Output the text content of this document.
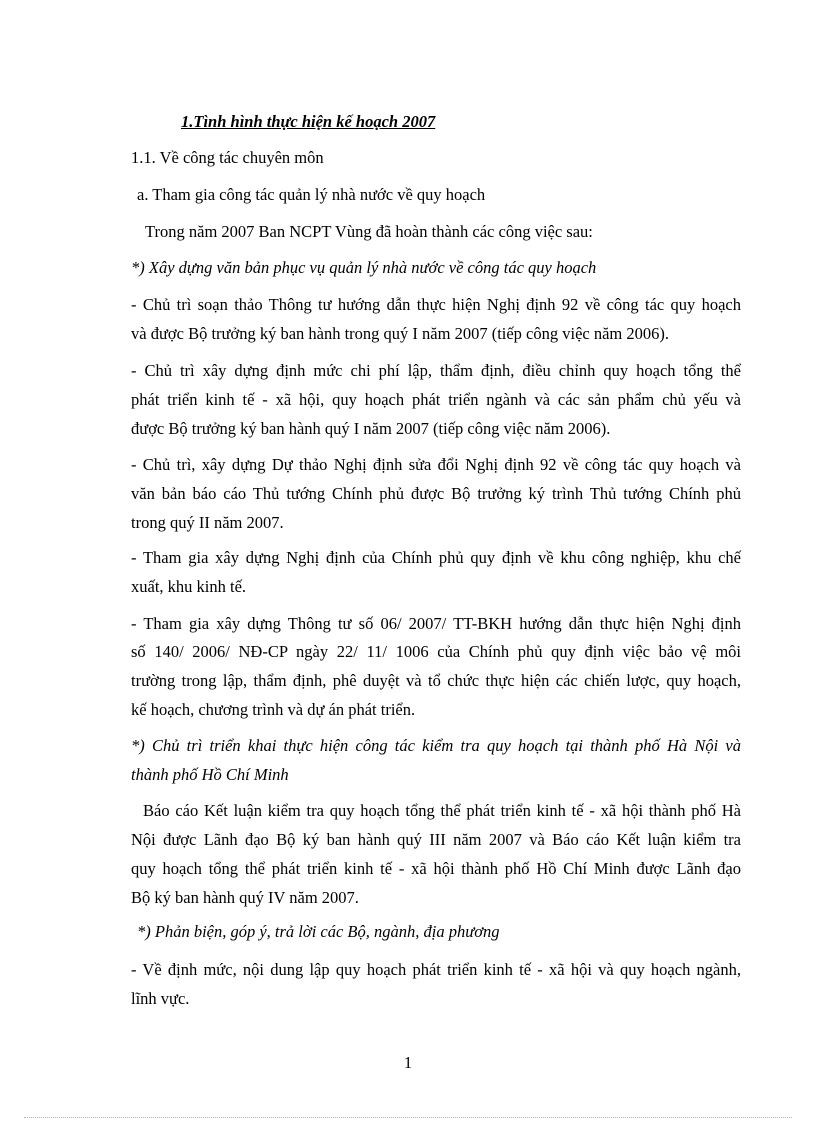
1.Tình hình thực hiện kế hoạch 2007
1.1. Về công tác chuyên môn
a. Tham gia công tác quản lý nhà nước về quy hoạch
Trong năm 2007 Ban NCPT Vùng đã hoàn thành các công việc sau:
*) Xây dựng văn bản phục vụ quản lý nhà nước về công tác quy hoạch
- Chủ trì soạn thảo Thông tư hướng dẫn thực hiện Nghị định 92 về công tác quy hoạch
và được Bộ trưởng ký ban hành trong quý I năm 2007 (tiếp công việc năm 2006).
- Chủ trì xây dựng định mức chi phí lập, thẩm định, điều chỉnh quy hoạch tổng thể
phát triển kinh tế - xã hội, quy hoạch phát triển ngành và các sản phẩm chủ yếu và
được Bộ trưởng ký ban hành quý I năm 2007 (tiếp công việc năm 2006).
- Chủ trì, xây dựng Dự thảo Nghị định sửa đổi Nghị định 92 về công tác quy hoạch và
văn bản báo cáo Thủ tướng Chính phủ được Bộ trưởng ký trình Thủ tướng Chính phủ
trong quý II năm 2007.
- Tham gia xây dựng Nghị định của Chính phủ quy định về khu công nghiệp, khu chế
xuất, khu kinh tế.
- Tham gia xây dựng Thông tư số 06/ 2007/ TT-BKH hướng dẫn thực hiện Nghị định
số 140/ 2006/ NĐ-CP ngày 22/ 11/ 1006 của Chính phủ quy định việc bảo vệ môi
trường trong lập, thẩm định, phê duyệt và tổ chức thực hiện các chiến lược, quy hoạch,
kế hoạch, chương trình và dự án phát triển.
*) Chủ trì triển khai thực hiện công tác kiểm tra quy hoạch tại thành phố Hà Nội và
thành phố Hồ Chí Minh
Báo cáo Kết luận kiểm tra quy hoạch tổng thể phát triển kinh tế - xã hội thành phố Hà
Nội được Lãnh đạo Bộ ký ban hành quý III năm 2007 và Báo cáo Kết luận kiểm tra
quy hoạch tổng thể phát triển kinh tế - xã hội thành phố Hồ Chí Minh được Lãnh đạo
Bộ ký ban hành quý IV năm 2007.
*) Phản biện, góp ý, trả lời các Bộ, ngành, địa phương
- Về định mức, nội dung lập quy hoạch phát triển kinh tế - xã hội và quy hoạch ngành,
lĩnh vực.
1
